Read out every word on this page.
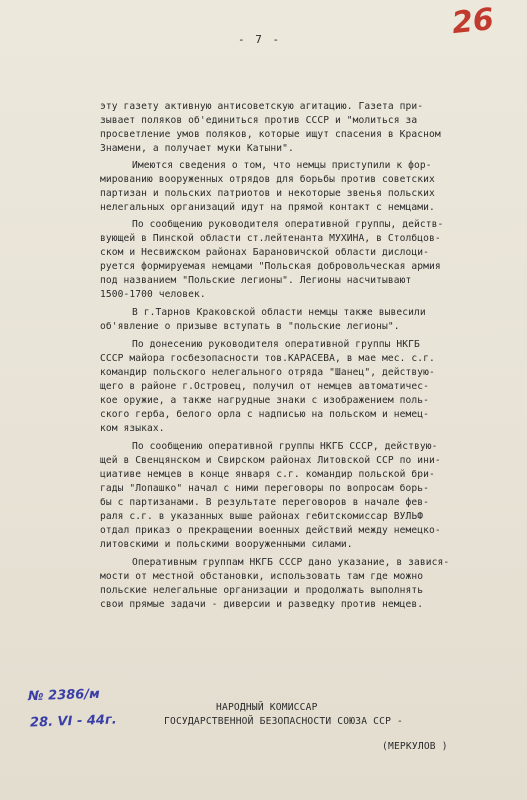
26
- 7 -
эту газету активную антисоветскую агитацию. Газета при-
зывает поляков об'единиться против СССР и "молиться за
просветление умов поляков, которые ищут спасения в Красном
Знамени, а получает муки Катыни".
Имеются сведения о том, что немцы приступили к фор-
мированию вооруженных отрядов для борьбы против советских
партизан и польских патриотов и некоторые звенья польских
нелегальных организаций идут на прямой контакт с немцами.
По сообщению руководителя оперативной группы, действ-
вующей в Пинской области ст.лейтенанта МУХИНА, в Столбцов-
ском и Несвижском районах Барановичской области дислоци-
руется формируемая немцами "Польская добровольческая армия
под названием "Польские легионы". Легионы насчитывают
1500-1700 человек.
В г.Тарнов Краковской области немцы также вывесили
об'явление о призыве вступать в "польские легионы".
По донесению руководителя оперативной группы НКГБ
СССР майора госбезопасности тов.КАРАСЕВА, в мае мес. с.г.
командир польского нелегального отряда "Шанец", действую-
щего в районе г.Островец, получил от немцев автоматичес-
кое оружие, а также нагрудные знаки с изображением поль-
ского герба, белого орла с надписью на польском и немец-
ком языках.
По сообщению оперативной группы НКГБ СССР, действую-
щей в Свенцянском и Свирском районах Литовской ССР по ини-
циативе немцев в конце января с.г. командир польской бри-
гады "Лопашко" начал с ними переговоры по вопросам борь-
бы с партизанами. В результате переговоров в начале фев-
раля с.г. в указанных выше районах гебитскомиссар ВУЛЬФ
отдал приказ о прекращении военных действий между немецко-
литовскими и польскими вооруженными силами.
Оперативным группам НКГБ СССР дано указание, в завися-
мости от местной обстановки, использовать там где можно
польские нелегальные организации и продолжать выполнять
свои прямые задачи - диверсии и разведку против немцев.
НАРОДНЫЙ КОМИССАР
ГОСУДАРСТВЕННОЙ БЕЗОПАСНОСТИ СОЮЗА ССР -
(МЕРКУЛОВ )
№ 2386/м
28. VI - 44г.
